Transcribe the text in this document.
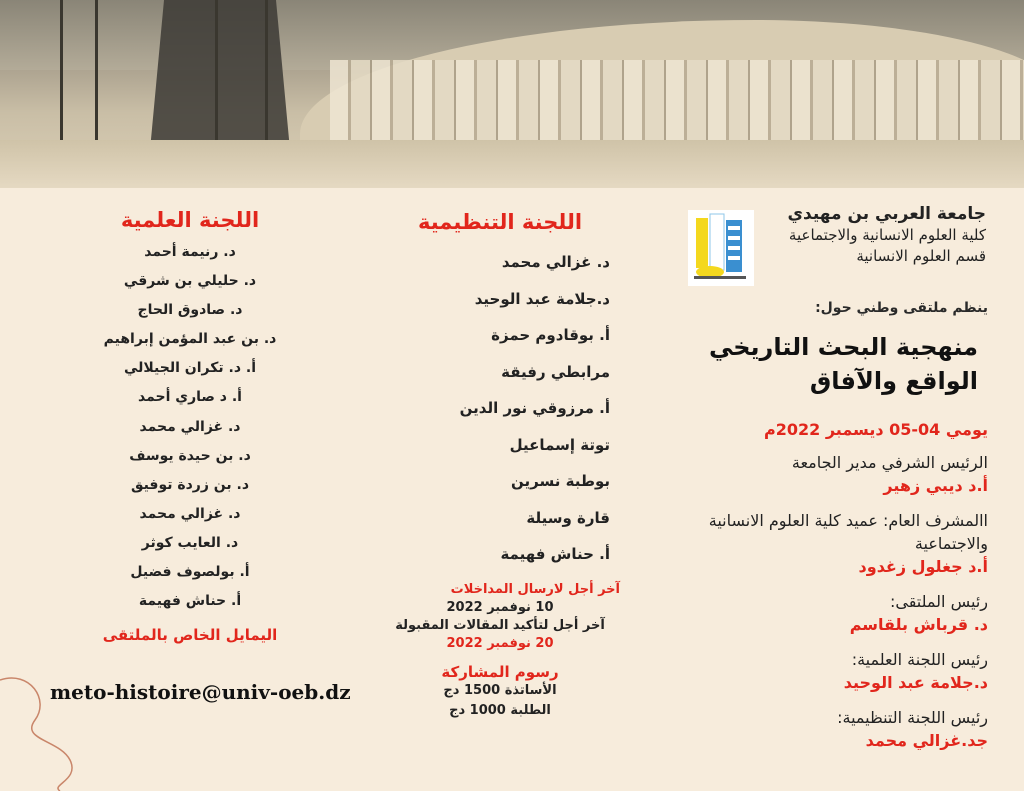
جامعة العربي بن مهيدي
كلية العلوم الانسانية والاجتماعية
قسم العلوم الانسانية
ينظم ملتقى وطني حول:
منهجية البحث التاريخي
الواقع والآفاق
يومي 04-05 ديسمبر 2022م
الرئيس الشرفي مدير الجامعة
أ.د ديبي زهير
االمشرف العام: عميد كلية العلوم الانسانية والاجتماعية
أ.د جغلول زغدود
رئيس الملتقى:
د. قرباش بلقاسم
رئيس اللجنة العلمية:
د.جلامة عبد الوحيد
رئيس اللجنة التنظيمية:
جد.غزالي محمد
اللجنة التنظيمية
د. غزالي محمد
د.جلامة عبد الوحيد
أ. بوقادوم حمزة
مرابطي رفيقة
أ. مرزوقي نور الدين
توتة إسماعيل
بوطبة نسرين
قارة وسيلة
أ. حناش فهيمة
آخر أجل لارسال المداخلات
10 نوفمبر 2022
آخر أجل لتأكيد المقالات المقبولة
20 نوفمبر 2022
رسوم المشاركة
الأساتذة 1500 دج
الطلبة 1000 دج
اللجنة العلمية
د. رنيمة أحمد
د. حليلي بن شرقي
د. صادوق الحاج
د. بن عبد المؤمن إبراهيم
أ. د. تكران الجيلالي
أ. د صاري أحمد
د. غزالي محمد
د. بن حيدة يوسف
د. بن زردة توفيق
د. غزالي محمد
د. العايب كوثر
أ. بولصوف فضيل
أ. حناش فهيمة
اليمايل الخاص بالملتقى
meto-histoire@univ-oeb.dz
